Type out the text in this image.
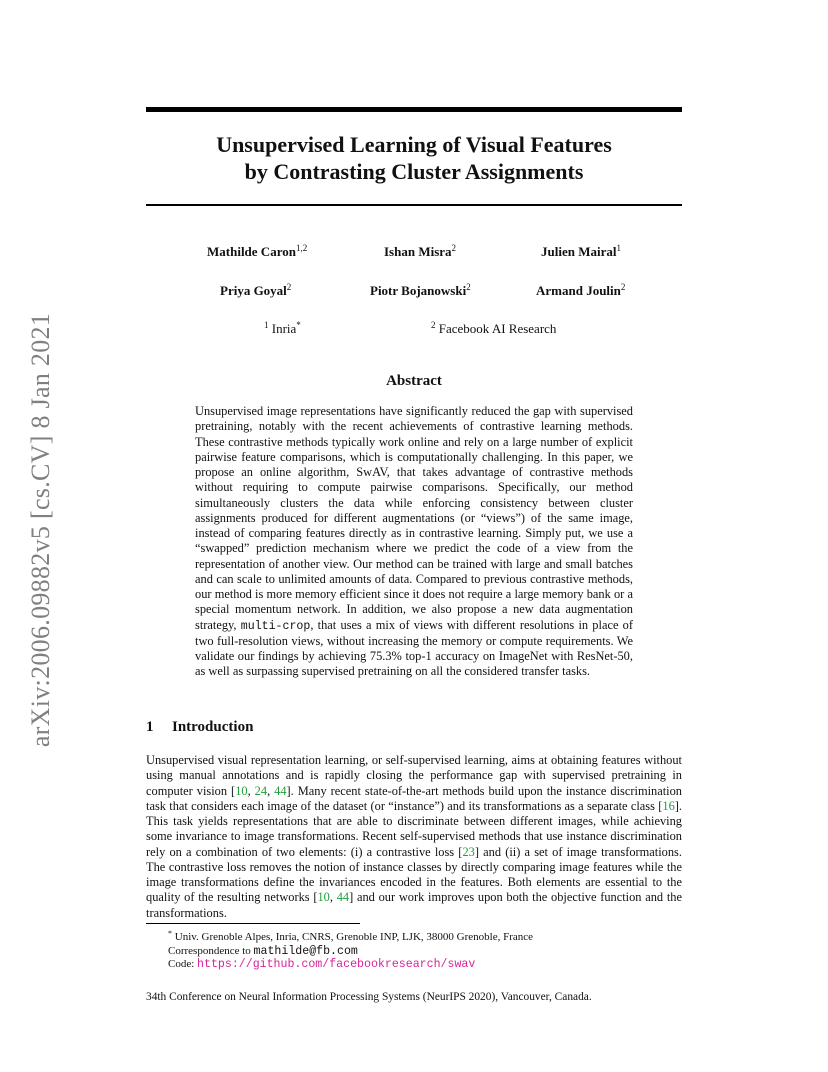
arXiv:2006.09882v5 [cs.CV] 8 Jan 2021
Unsupervised Learning of Visual Features
by Contrasting Cluster Assignments
Mathilde Caron$^{1,2}$	Ishan Misra$^2$	Julien Mairal$^1$
Priya Goyal$^2$	Piotr Bojanowski$^2$	Armand Joulin$^2$
$^1$ Inria*	$^2$ Facebook AI Research
Abstract
Unsupervised image representations have significantly reduced the gap with supervised pretraining, notably with the recent achievements of contrastive learning methods. These contrastive methods typically work online and rely on a large number of explicit pairwise feature comparisons, which is computationally challenging. In this paper, we propose an online algorithm, SwAV, that takes advantage of contrastive methods without requiring to compute pairwise comparisons. Specifically, our method simultaneously clusters the data while enforcing consistency between cluster assignments produced for different augmentations (or “views”) of the same image, instead of comparing features directly as in contrastive learning. Simply put, we use a “swapped” prediction mechanism where we predict the code of a view from the representation of another view. Our method can be trained with large and small batches and can scale to unlimited amounts of data. Compared to previous contrastive methods, our method is more memory efficient since it does not require a large memory bank or a special momentum network. In addition, we also propose a new data augmentation strategy, multi-crop, that uses a mix of views with different resolutions in place of two full-resolution views, without increasing the memory or compute requirements. We validate our findings by achieving 75.3% top-1 accuracy on ImageNet with ResNet-50, as well as surpassing supervised pretraining on all the considered transfer tasks.
1 Introduction
Unsupervised visual representation learning, or self-supervised learning, aims at obtaining features without using manual annotations and is rapidly closing the performance gap with supervised pretraining in computer vision [10, 24, 44]. Many recent state-of-the-art methods build upon the instance discrimination task that considers each image of the dataset (or “instance”) and its transformations as a separate class [16]. This task yields representations that are able to discriminate between different images, while achieving some invariance to image transformations. Recent self-supervised methods that use instance discrimination rely on a combination of two elements: (i) a contrastive loss [23] and (ii) a set of image transformations. The contrastive loss removes the notion of instance classes by directly comparing image features while the image transformations define the invariances encoded in the features. Both elements are essential to the quality of the resulting networks [10, 44] and our work improves upon both the objective function and the transformations.
* Univ. Grenoble Alpes, Inria, CNRS, Grenoble INP, LJK, 38000 Grenoble, France
Correspondence to mathilde@fb.com
Code: https://github.com/facebookresearch/swav
34th Conference on Neural Information Processing Systems (NeurIPS 2020), Vancouver, Canada.
